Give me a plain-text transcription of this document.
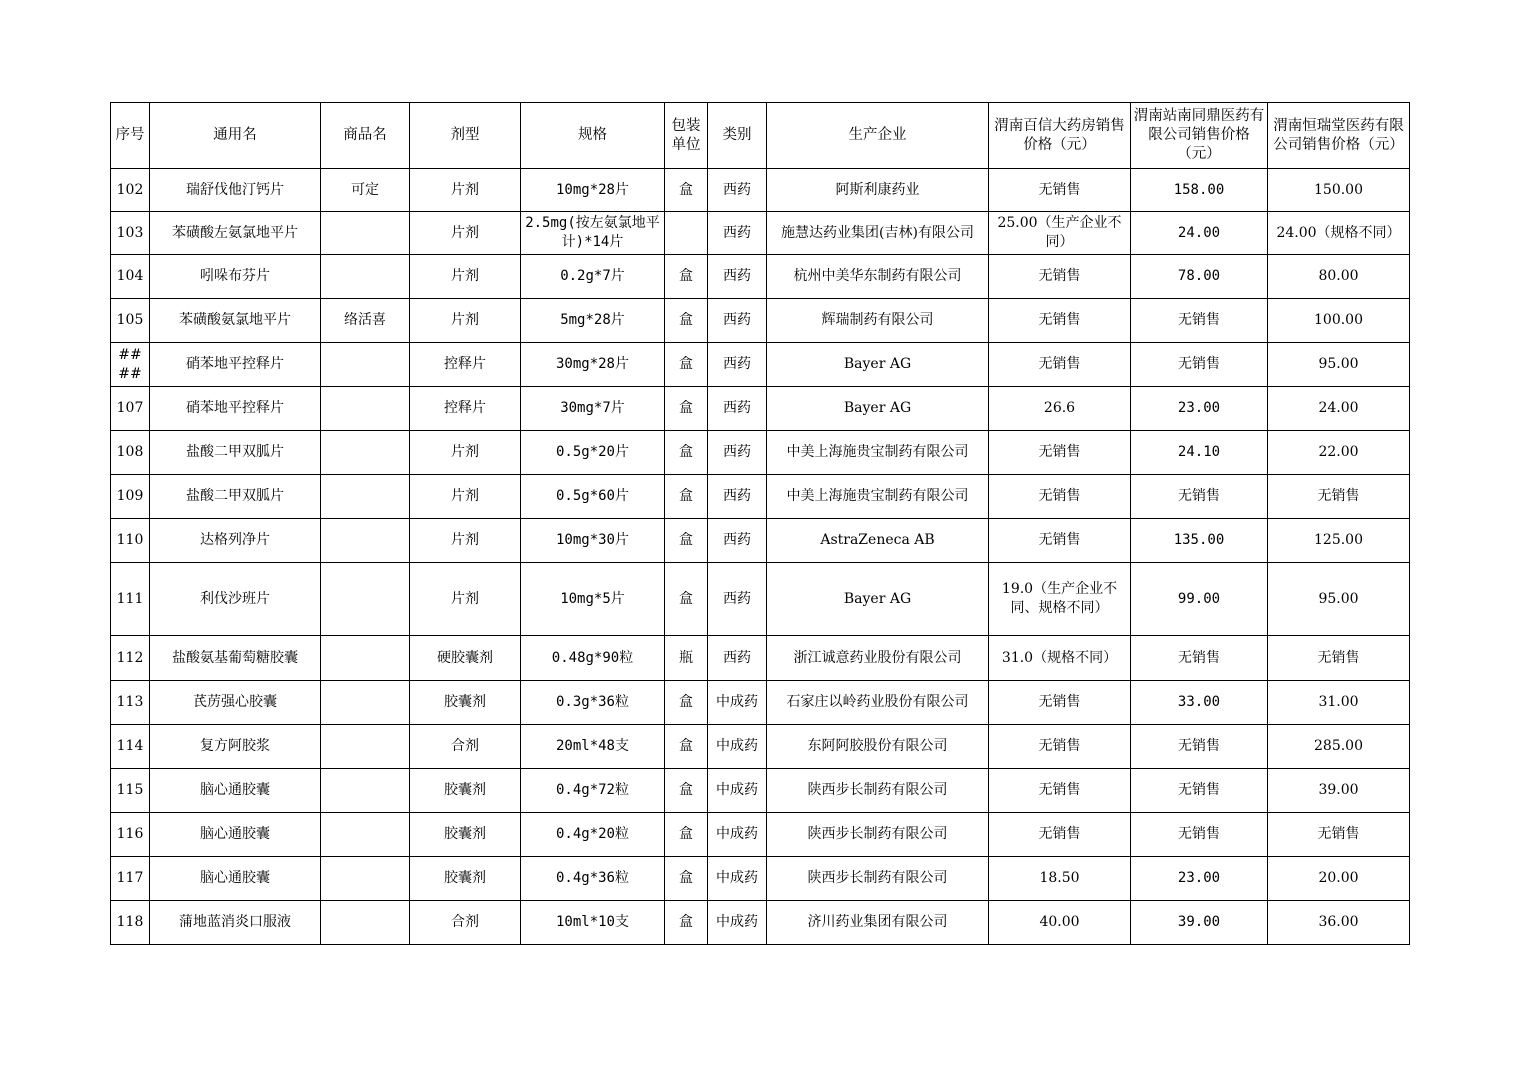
序号	通用名	商品名	剂型	规格	包装单位	类别	生产企业	渭南百信大药房销售价格（元）	渭南站南同鼎医药有限公司销售价格（元）	渭南恒瑞堂医药有限公司销售价格（元）
102	瑞舒伐他汀钙片	可定	片剂	10mg*28片	盒	西药	阿斯利康药业	无销售	158.00	150.00
103	苯磺酸左氨氯地平片		片剂	2.5mg(按左氨氯地平计)*14片		西药	施慧达药业集团(吉林)有限公司	25.00（生产企业不同）	24.00	24.00（规格不同）
104	吲哚布芬片		片剂	0.2g*7片	盒	西药	杭州中美华东制药有限公司	无销售	78.00	80.00
105	苯磺酸氨氯地平片	络活喜	片剂	5mg*28片	盒	西药	辉瑞制药有限公司	无销售	无销售	100.00
####	硝苯地平控释片		控释片	30mg*28片	盒	西药	Bayer AG	无销售	无销售	95.00
107	硝苯地平控释片		控释片	30mg*7片	盒	西药	Bayer AG	26.6	23.00	24.00
108	盐酸二甲双胍片		片剂	0.5g*20片	盒	西药	中美上海施贵宝制药有限公司	无销售	24.10	22.00
109	盐酸二甲双胍片		片剂	0.5g*60片	盒	西药	中美上海施贵宝制药有限公司	无销售	无销售	无销售
110	达格列净片		片剂	10mg*30片	盒	西药	AstraZeneca AB	无销售	135.00	125.00
111	利伐沙班片		片剂	10mg*5片	盒	西药	Bayer AG	19.0（生产企业不同、规格不同）	99.00	95.00
112	盐酸氨基葡萄糖胶囊		硬胶囊剂	0.48g*90粒	瓶	西药	浙江诚意药业股份有限公司	31.0（规格不同）	无销售	无销售
113	芪苈强心胶囊		胶囊剂	0.3g*36粒	盒	中成药	石家庄以岭药业股份有限公司	无销售	33.00	31.00
114	复方阿胶浆		合剂	20ml*48支	盒	中成药	东阿阿胶股份有限公司	无销售	无销售	285.00
115	脑心通胶囊		胶囊剂	0.4g*72粒	盒	中成药	陕西步长制药有限公司	无销售	无销售	39.00
116	脑心通胶囊		胶囊剂	0.4g*20粒	盒	中成药	陕西步长制药有限公司	无销售	无销售	无销售
117	脑心通胶囊		胶囊剂	0.4g*36粒	盒	中成药	陕西步长制药有限公司	18.50	23.00	20.00
118	蒲地蓝消炎口服液		合剂	10ml*10支	盒	中成药	济川药业集团有限公司	40.00	39.00	36.00
